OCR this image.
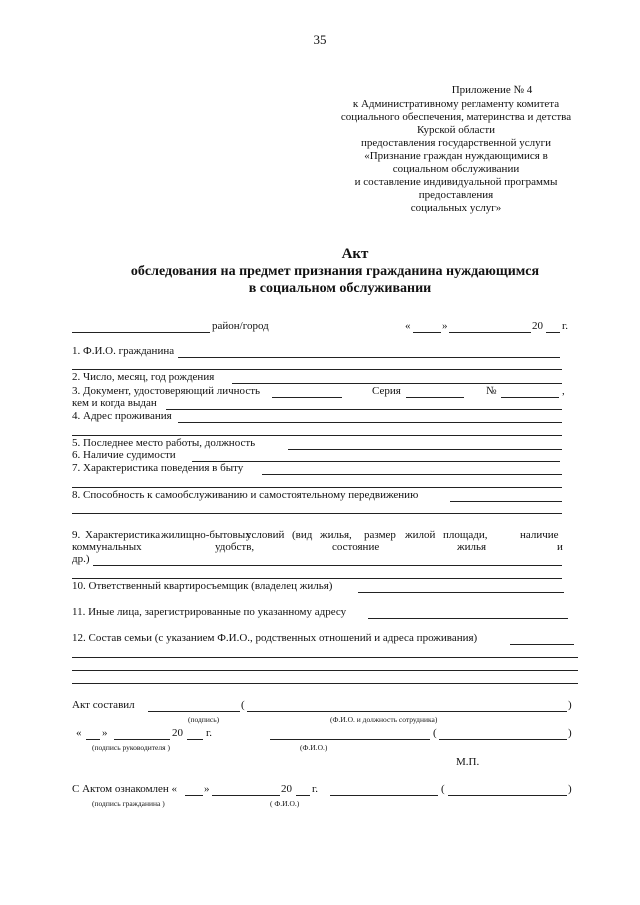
35
Приложение № 4
к Административному регламенту комитета
социального обеспечения, материнства и детства
Курской области
предоставления государственной услуги
«Признание граждан нуждающимися в
социальном обслуживании
и составление индивидуальной программы
предоставления
социальных услуг»
Акт
обследования на предмет признания гражданина нуждающимся
в социальном обслуживании
район/город	«	»	20 г.
1. Ф.И.О. гражданина
2. Число, месяц, год рождения
3. Документ, удостоверяющий личность	Серия	№	,
кем и когда выдан
4. Адрес проживания
5. Последнее место работы, должность
6. Наличие судимости
7. Характеристика поведения в быту
8. Способность к самообслуживанию и самостоятельному передвижению
9. Характеристика жилищно-бытовых
условий (вид жилья, размер жилой площади,	наличие
коммунальных	удобств,	состояние	жилья	и
др.)
10. Ответственный квартиросъемщик (владелец жилья)
11. Иные лица, зарегистрированные по указанному адресу
12. Состав семьи (с указанием Ф.И.О., родственных отношений и адреса проживания)
Акт составил	(	)
(подпись)	(Ф.И.О. и должность сотрудника)
« »	20 г.	(	)
(подпись руководителя )	(Ф.И.О.)
М.П.
С Актом ознакомлен « »	20 г.	(	)
(подпись гражданина )	( Ф.И.О.)
